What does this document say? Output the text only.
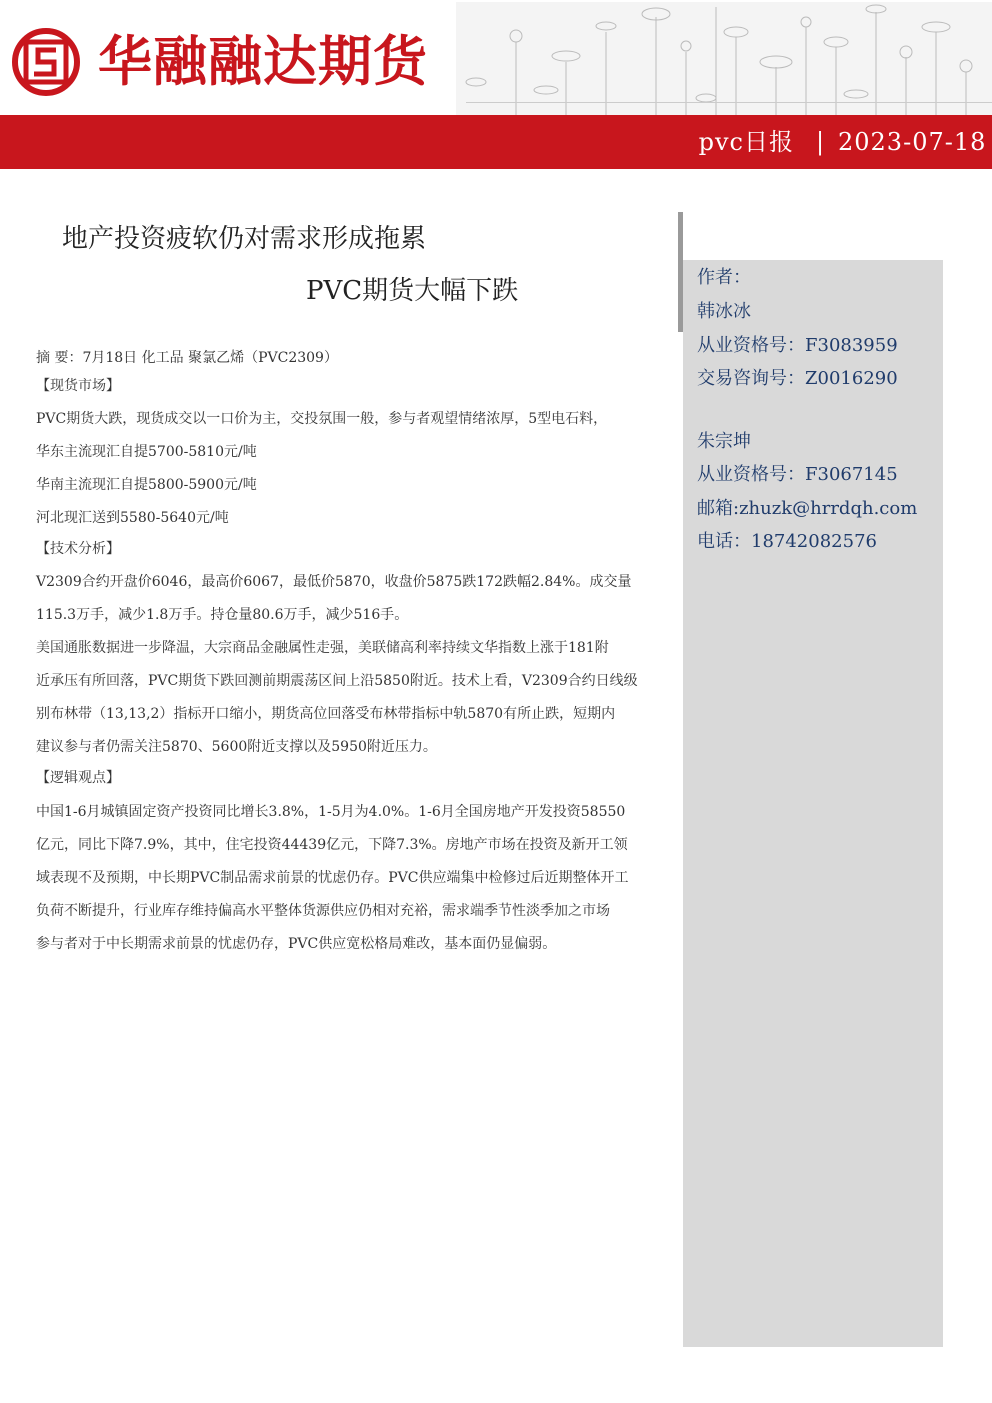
华融融达期货
pvc日报 | 2023-07-18
地产投资疲软仍对需求形成拖累
PVC期货大幅下跌	作者：
韩冰冰
从业资格号：F3083959
交易咨询号：Z0016290
朱宗坤
从业资格号：F3067145
邮箱:zhuzk@hrrdqh.com
电话：18742082576
摘 要：7月18日 化工品 聚氯乙烯（PVC2309）
【现货市场】
PVC期货大跌，现货成交以一口价为主，交投氛围一般，参与者观望情绪浓厚，5型电石料，
华东主流现汇自提5700-5810元/吨
华南主流现汇自提5800-5900元/吨
河北现汇送到5580-5640元/吨
【技术分析】
V2309合约开盘价6046，最高价6067，最低价5870，收盘价5875跌172跌幅2.84%。成交量
115.3万手，减少1.8万手。持仓量80.6万手，减少516手。
美国通胀数据进一步降温，大宗商品金融属性走强，美联储高利率持续文华指数上涨于181附
近承压有所回落，PVC期货下跌回测前期震荡区间上沿5850附近。技术上看，V2309合约日线级
别布林带（13,13,2）指标开口缩小，期货高位回落受布林带指标中轨5870有所止跌，短期内
建议参与者仍需关注5870、5600附近支撑以及5950附近压力。
【逻辑观点】
中国1-6月城镇固定资产投资同比增长3.8%，1-5月为4.0%。1-6月全国房地产开发投资58550
亿元，同比下降7.9%，其中，住宅投资44439亿元，下降7.3%。房地产市场在投资及新开工领
域表现不及预期，中长期PVC制品需求前景的忧虑仍存。PVC供应端集中检修过后近期整体开工
负荷不断提升，行业库存维持偏高水平整体货源供应仍相对充裕，需求端季节性淡季加之市场
参与者对于中长期需求前景的忧虑仍存，PVC供应宽松格局难改，基本面仍显偏弱。
